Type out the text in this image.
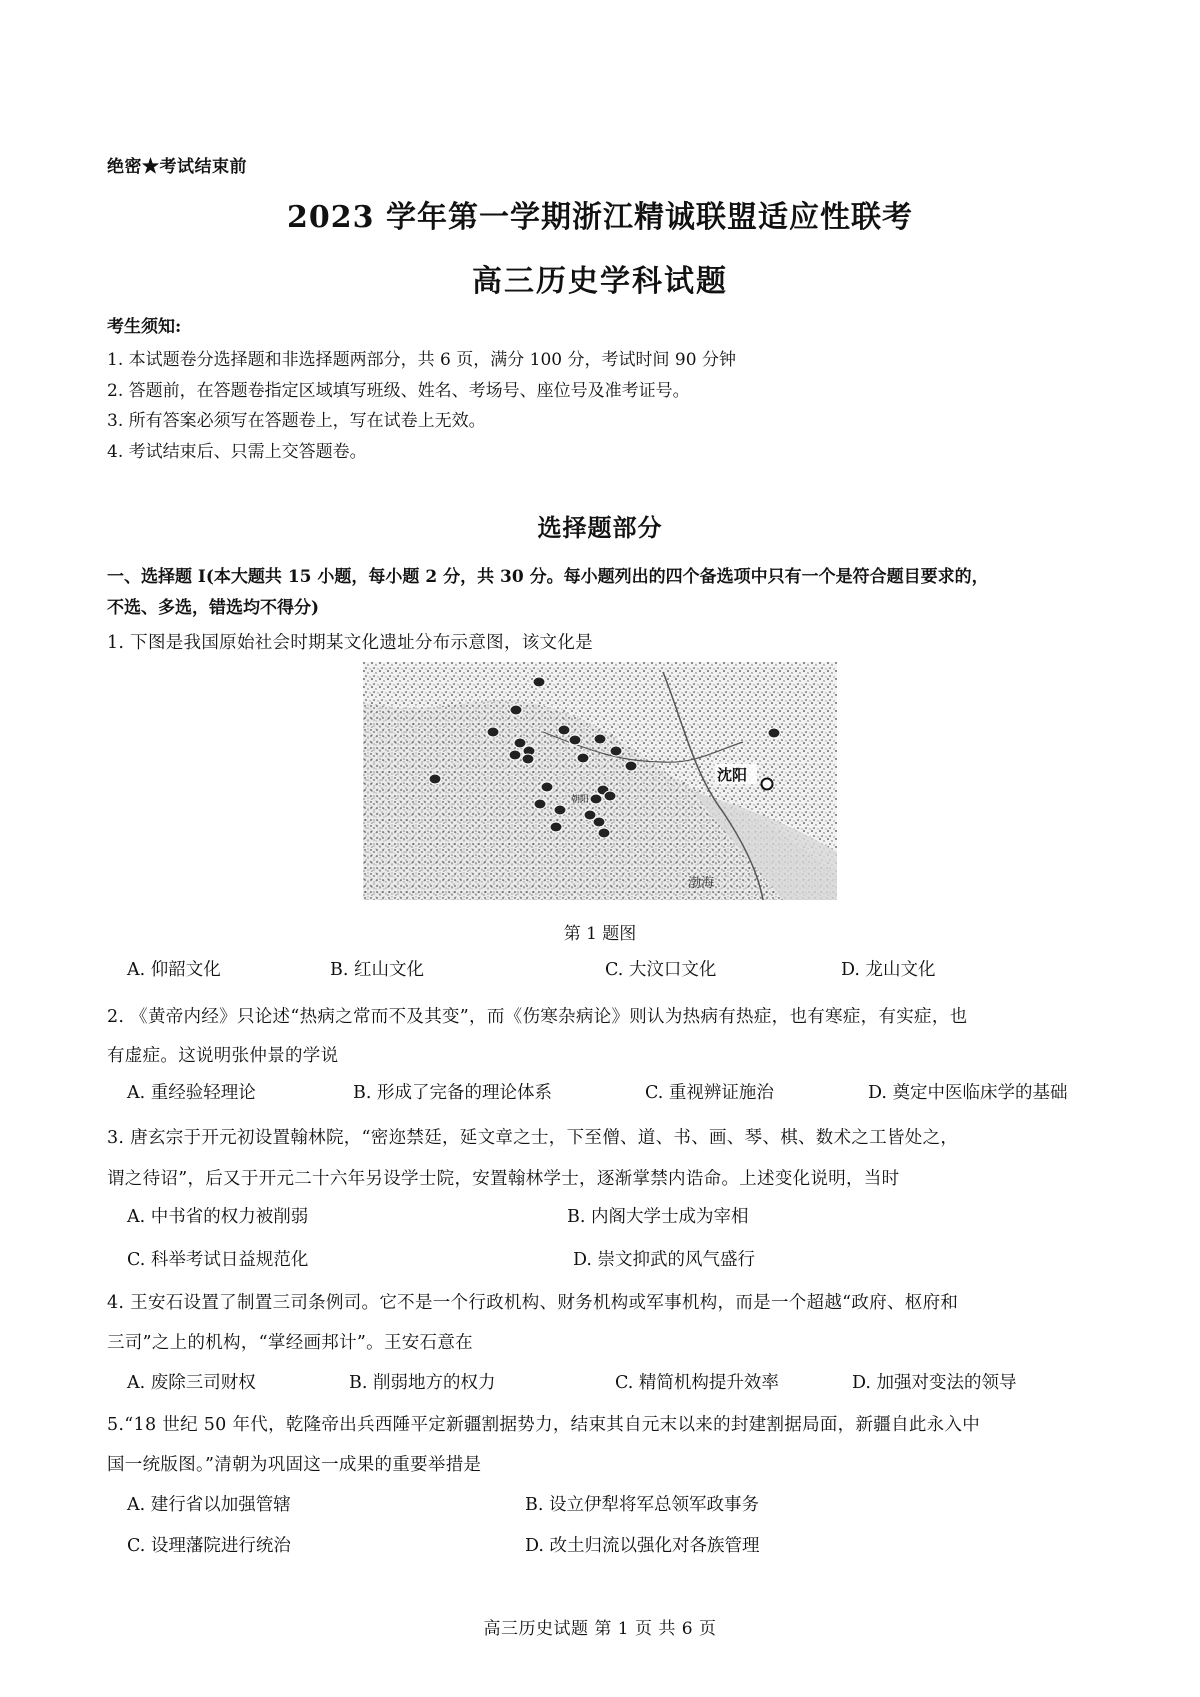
绝密★考试结束前
2023 学年第一学期浙江精诚联盟适应性联考
高三历史学科试题
考生须知:
1. 本试题卷分选择题和非选择题两部分，共 6 页，满分 100 分，考试时间 90 分钟
2. 答题前，在答题卷指定区域填写班级、姓名、考场号、座位号及准考证号。
3. 所有答案必须写在答题卷上，写在试卷上无效。
4. 考试结束后、只需上交答题卷。
选择题部分
一、选择题 I(本大题共 15 小题，每小题 2 分，共 30 分。每小题列出的四个备选项中只有一个是符合题目要求的，
不选、多选，错选均不得分)
1. 下图是我国原始社会时期某文化遗址分布示意图，该文化是
沈阳
朝阳
渤海
第 1 题图
A. 仰韶文化	B. 红山文化	C. 大汶口文化	D. 龙山文化
2. 《黄帝内经》只论述“热病之常而不及其变”，而《伤寒杂病论》则认为热病有热症，也有寒症，有实症，也
有虚症。这说明张仲景的学说
A. 重经验轻理论	B. 形成了完备的理论体系	C. 重视辨证施治	D. 奠定中医临床学的基础
3. 唐玄宗于开元初设置翰林院，“密迩禁廷，延文章之士，下至僧、道、书、画、琴、棋、数术之工皆处之，
谓之待诏”，后又于开元二十六年另设学士院，安置翰林学士，逐渐掌禁内诰命。上述变化说明，当时
A. 中书省的权力被削弱	B. 内阁大学士成为宰相
C. 科举考试日益规范化	D. 崇文抑武的风气盛行
4. 王安石设置了制置三司条例司。它不是一个行政机构、财务机构或军事机构，而是一个超越“政府、枢府和
三司”之上的机构，“掌经画邦计”。王安石意在
A. 废除三司财权	B. 削弱地方的权力	C. 精简机构提升效率	D. 加强对变法的领导
5.“18 世纪 50 年代，乾隆帝出兵西陲平定新疆割据势力，结束其自元末以来的封建割据局面，新疆自此永入中
国一统版图。”清朝为巩固这一成果的重要举措是
A. 建行省以加强管辖	B. 设立伊犁将军总领军政事务
C. 设理藩院进行统治	D. 改土归流以强化对各族管理
高三历史试题 第 1 页 共 6 页
